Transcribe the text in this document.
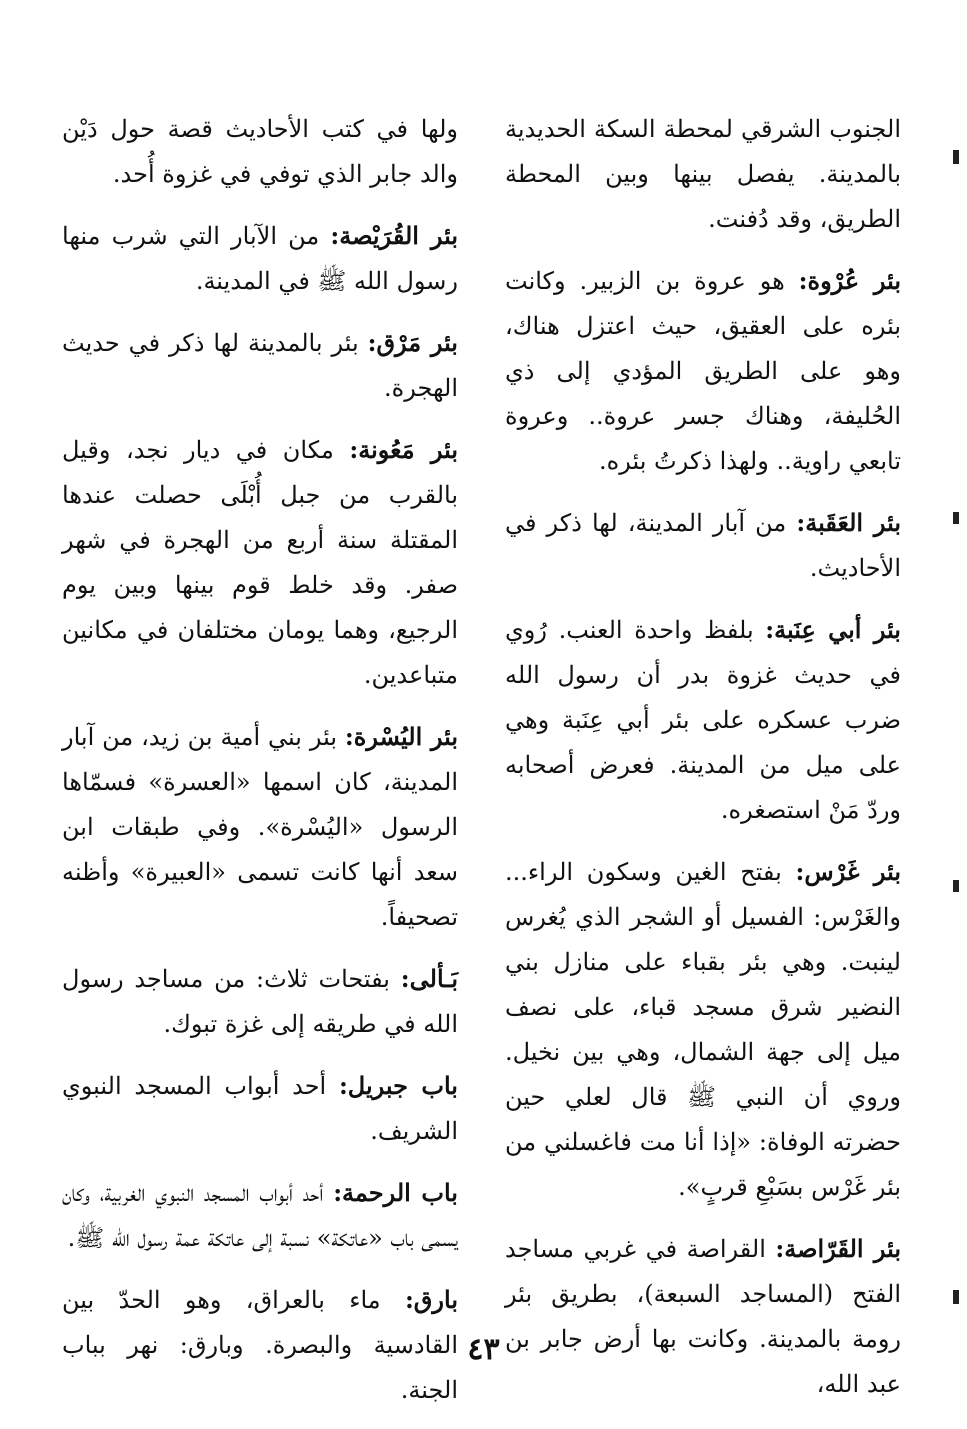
الجنوب الشرقي لمحطة السكة الحديدية بالمدينة. يفصل بينها وبين المحطة الطريق، وقد دُفنت.

بئر عُرْوة: هو عروة بن الزبير. وكانت بئره على العقيق، حيث اعتزل هناك، وهو على الطريق المؤدي إلى ذي الحُليفة، وهناك جسر عروة.. وعروة تابعي راوية.. ولهذا ذكرتُ بئره.

بئر العَقَبة: من آبار المدينة، لها ذكر في الأحاديث.

بئر أبي عِنَبة: بلفظ واحدة العنب. رُوي في حديث غزوة بدر أن رسول الله ضرب عسكره على بئر أبي عِنَبة وهي على ميل من المدينة. فعرض أصحابه وردّ مَنْ استصغره.

بئر غَرْس: بفتح الغين وسكون الراء... والغَرْس: الفسيل أو الشجر الذي يُغرس لينبت. وهي بئر بقباء على منازل بني النضير شرق مسجد قباء، على نصف ميل إلى جهة الشمال، وهي بين نخيل. وروي أن النبي ﷺ قال لعلي حين حضرته الوفاة: «إذا أنا مت فاغسلني من بئر غَرْس بسَبْعِ قربٍ».

بئر القَرّاصة: القراصة في غربي مساجد الفتح (المساجد السبعة)، بطريق بئر رومة بالمدينة. وكانت بها أرض جابر بن عبد الله،

ولها في كتب الأحاديث قصة حول دَيْن والد جابر الذي توفي في غزوة أُحد.

بئر القُرَيْصة: من الآبار التي شرب منها رسول الله ﷺ في المدينة.

بئر مَرْق: بئر بالمدينة لها ذكر في حديث الهجرة.

بئر مَعُونة: مكان في ديار نجد، وقيل بالقرب من جبل أُبْلَى حصلت عندها المقتلة سنة أربع من الهجرة في شهر صفر. وقد خلط قوم بينها وبين يوم الرجيع، وهما يومان مختلفان في مكانين متباعدين.

بئر اليُسْرة: بئر بني أمية بن زيد، من آبار المدينة، كان اسمها «العسرة» فسمّاها الرسول «اليُسْرة». وفي طبقات ابن سعد أنها كانت تسمى «العبيرة» وأظنه تصحيفاً.

بَـألى: بفتحات ثلاث: من مساجد رسول الله في طريقه إلى غزة تبوك.

باب جبريل: أحد أبواب المسجد النبوي الشريف.

باب الرحمة: أحد أبواب المسجد النبوي الغربية، وكان يسمى باب «عاتكة» نسبة إلى عاتكة عمة رسول الله ﷺ.

بارق: ماء بالعراق، وهو الحدّ بين القادسية والبصرة. وبارق: نهر بباب الجنة.

٤٣
